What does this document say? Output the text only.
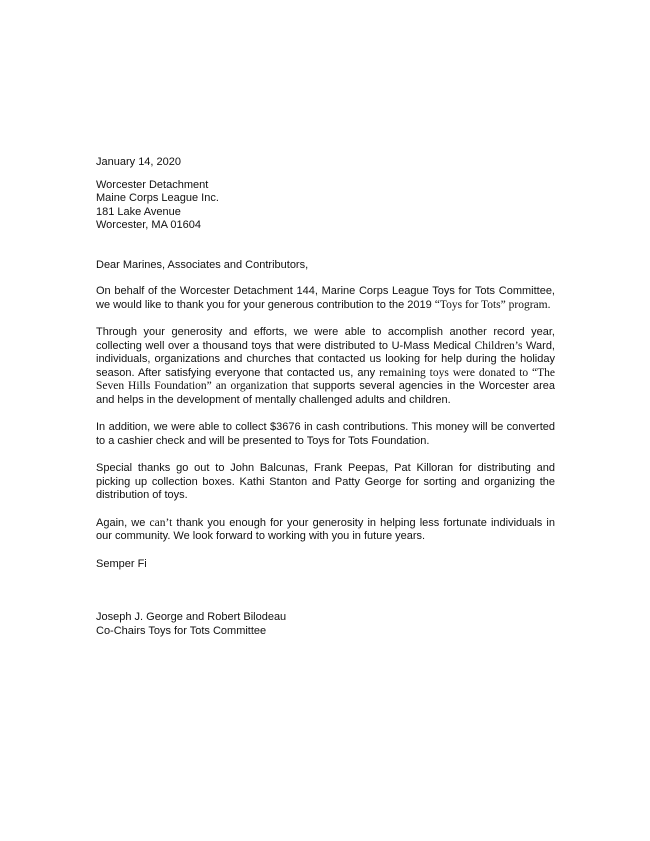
January 14, 2020
Worcester Detachment
Maine Corps League Inc.
181 Lake Avenue
Worcester, MA 01604
Dear Marines, Associates and Contributors,

On behalf of the Worcester Detachment 144, Marine Corps League Toys for Tots Committee, we would like to thank you for your generous contribution to the 2019 “Toys for Tots” program.

Through your generosity and efforts, we were able to accomplish another record year, collecting well over a thousand toys that were distributed to U-Mass Medical Children’s Ward, individuals, organizations and churches that contacted us looking for help during the holiday season. After satisfying everyone that contacted us, any remaining toys were donated to “The Seven Hills Foundation” an organization that supports several agencies in the Worcester area and helps in the development of mentally challenged adults and children.

In addition, we were able to collect $3676 in cash contributions. This money will be converted to a cashier check and will be presented to Toys for Tots Foundation.

Special thanks go out to John Balcunas, Frank Peepas, Pat Killoran for distributing and picking up collection boxes. Kathi Stanton and Patty George for sorting and organizing the distribution of toys.

Again, we can’t thank you enough for your generosity in helping less fortunate individuals in our community. We look forward to working with you in future years.

Semper Fi
Joseph J. George and Robert Bilodeau
Co-Chairs Toys for Tots Committee
